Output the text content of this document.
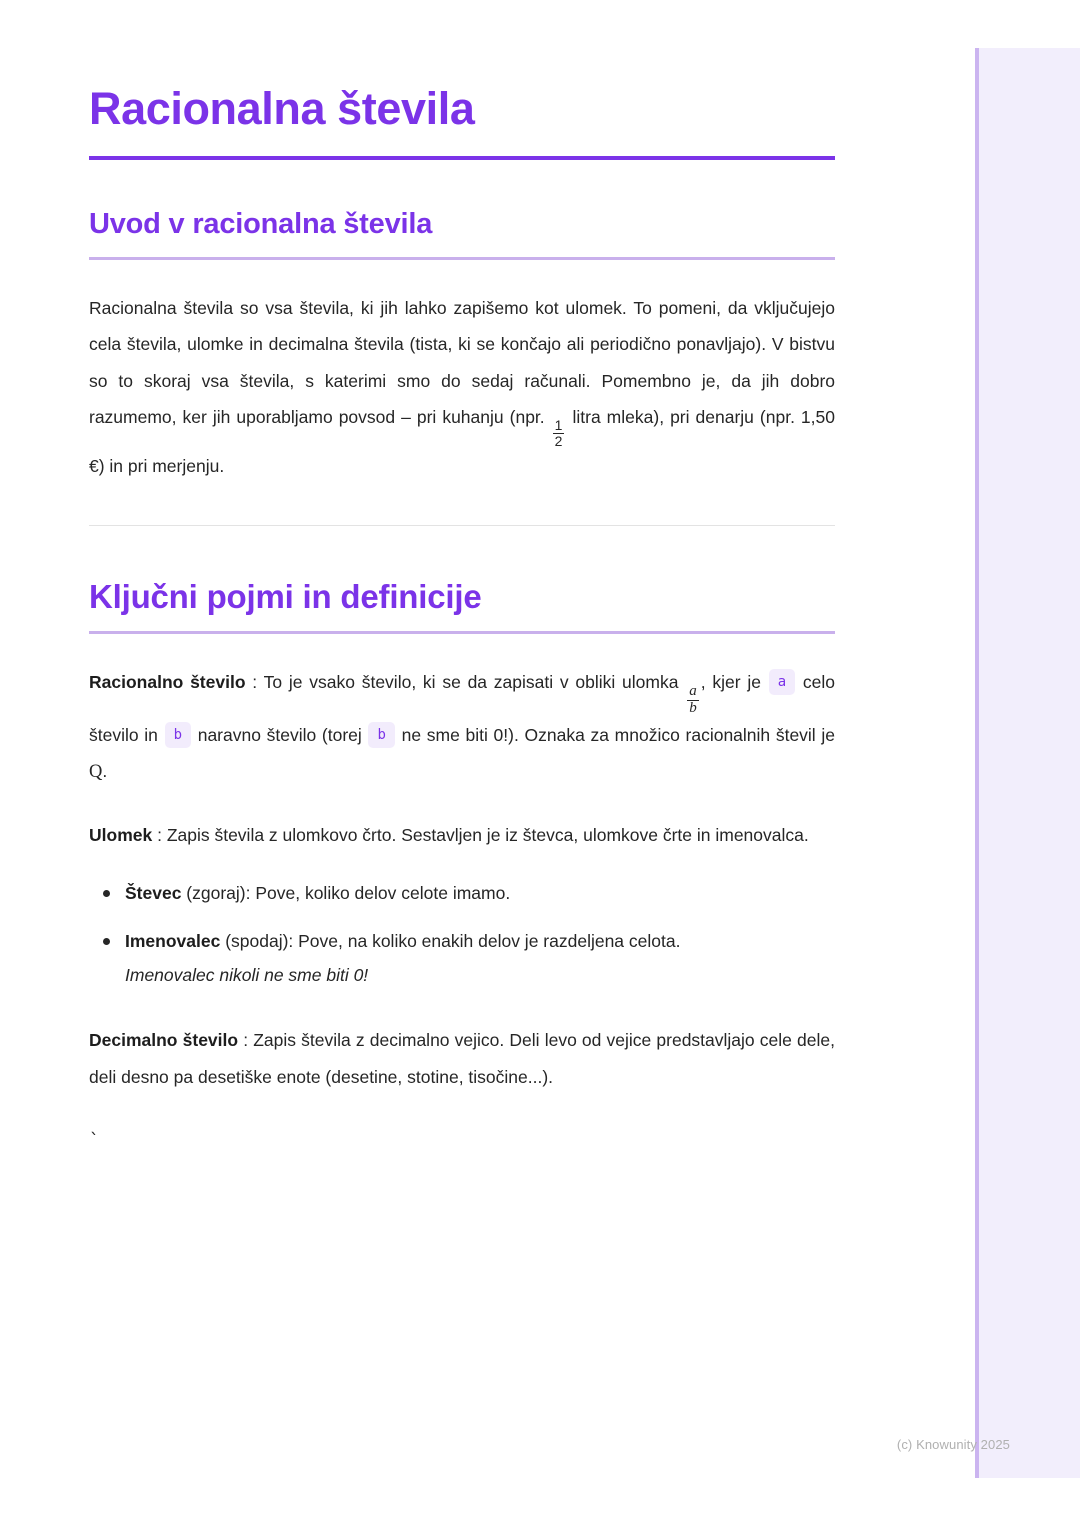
Racionalna števila
Uvod v racionalna števila

Racionalna števila so vsa števila, ki jih lahko zapišemo kot ulomek. To pomeni, da vključujejo cela števila, ulomke in decimalna števila (tista, ki se končajo ali periodično ponavljajo). V bistvu so to skoraj vsa števila, s katerimi smo do sedaj računali. Pomembno je, da jih dobro razumemo, ker jih uporabljamo povsod – pri kuhanju (npr.
$\frac{1}{2}$
litra mleka), pri denarju (npr. 1,50 €) in pri merjenju.

Ključni pojmi in definicije

Racionalno število : To je vsako število, ki se da zapisati v obliki ulomka
$\frac{a}{b}$
, kjer je a celo število in b naravno število (torej b ne sme biti 0!). Oznaka za množico racionalnih števil je Q.

Ulomek : Zapis števila z ulomkovo črto. Sestavljen je iz števca, ulomkove črte in imenovalca.

Števec (zgoraj): Pove, koliko delov celote imamo.
Imenovalec (spodaj): Pove, na koliko enakih delov je razdeljena celota.
Imenovalec nikoli ne sme biti 0!

Decimalno število : Zapis števila z decimalno vejico. Deli levo od vejice predstavljajo cele dele, deli desno pa desetiške enote (desetine, stotine, tisočine...).

`
(c) Knowunity 2025
